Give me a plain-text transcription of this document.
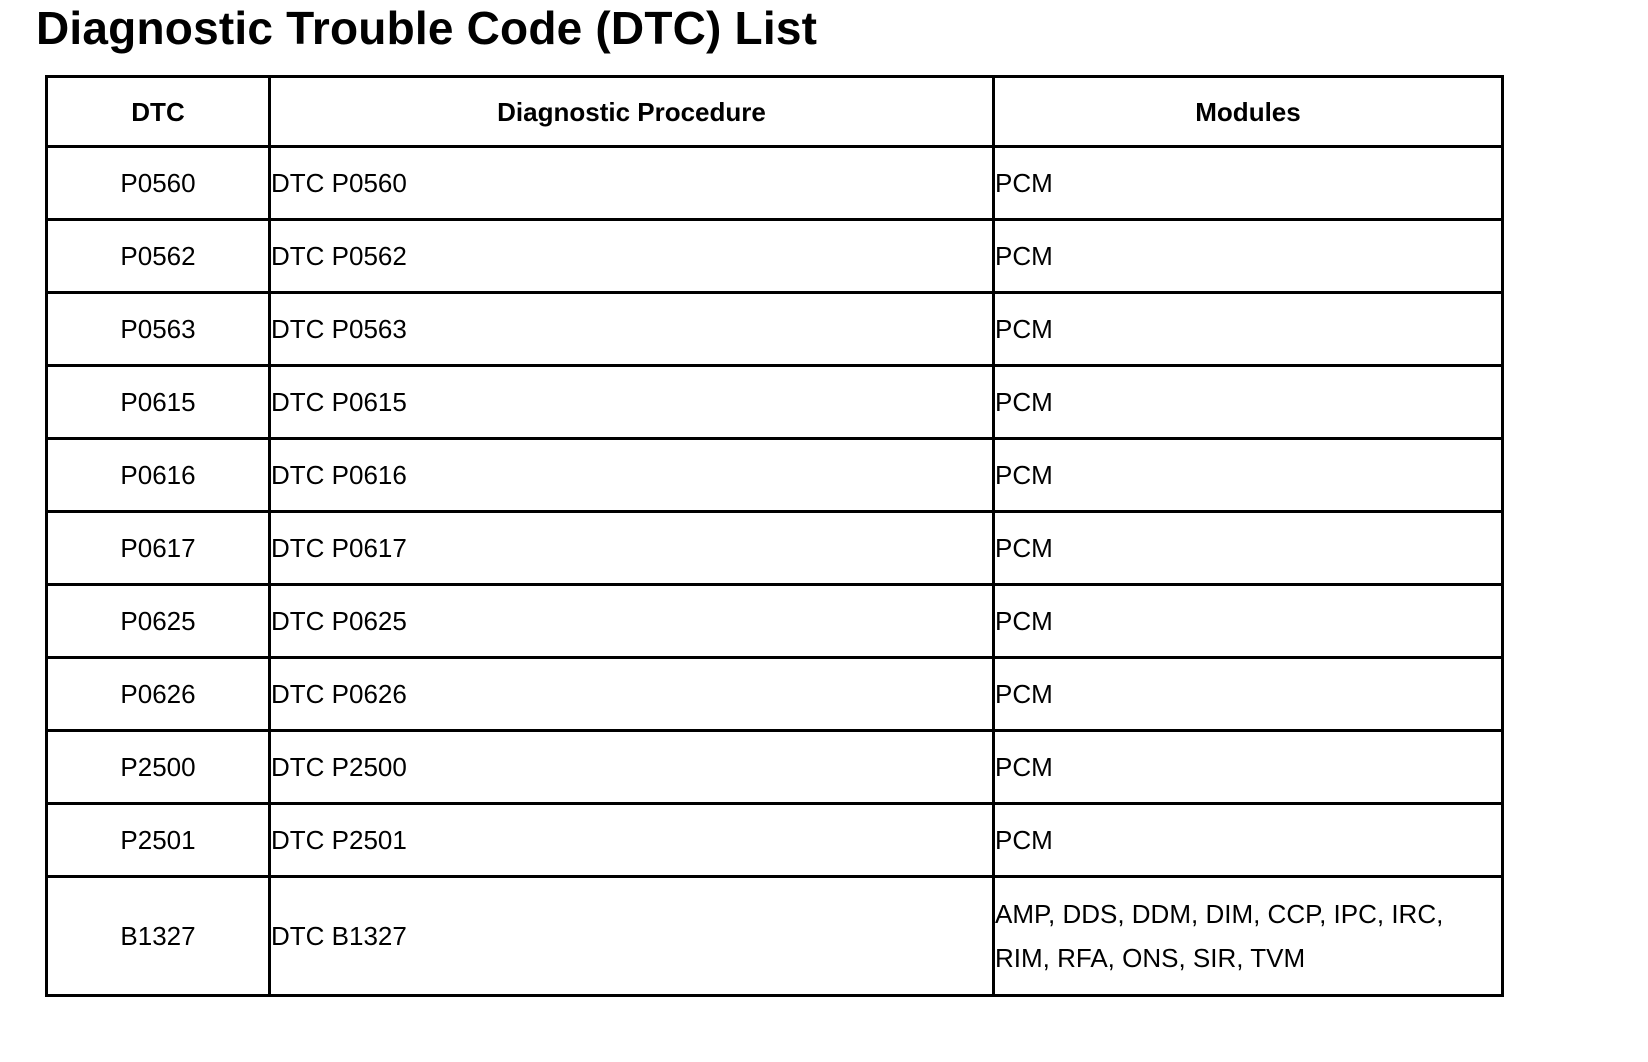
Diagnostic Trouble Code (DTC) List
DTC	Diagnostic Procedure	Modules
P0560	DTC P0560	PCM
P0562	DTC P0562	PCM
P0563	DTC P0563	PCM
P0615	DTC P0615	PCM
P0616	DTC P0616	PCM
P0617	DTC P0617	PCM
P0625	DTC P0625	PCM
P0626	DTC P0626	PCM
P2500	DTC P2500	PCM
P2501	DTC P2501	PCM
B1327	DTC B1327	AMP, DDS, DDM, DIM, CCP, IPC, IRC, RIM, RFA, ONS, SIR, TVM
